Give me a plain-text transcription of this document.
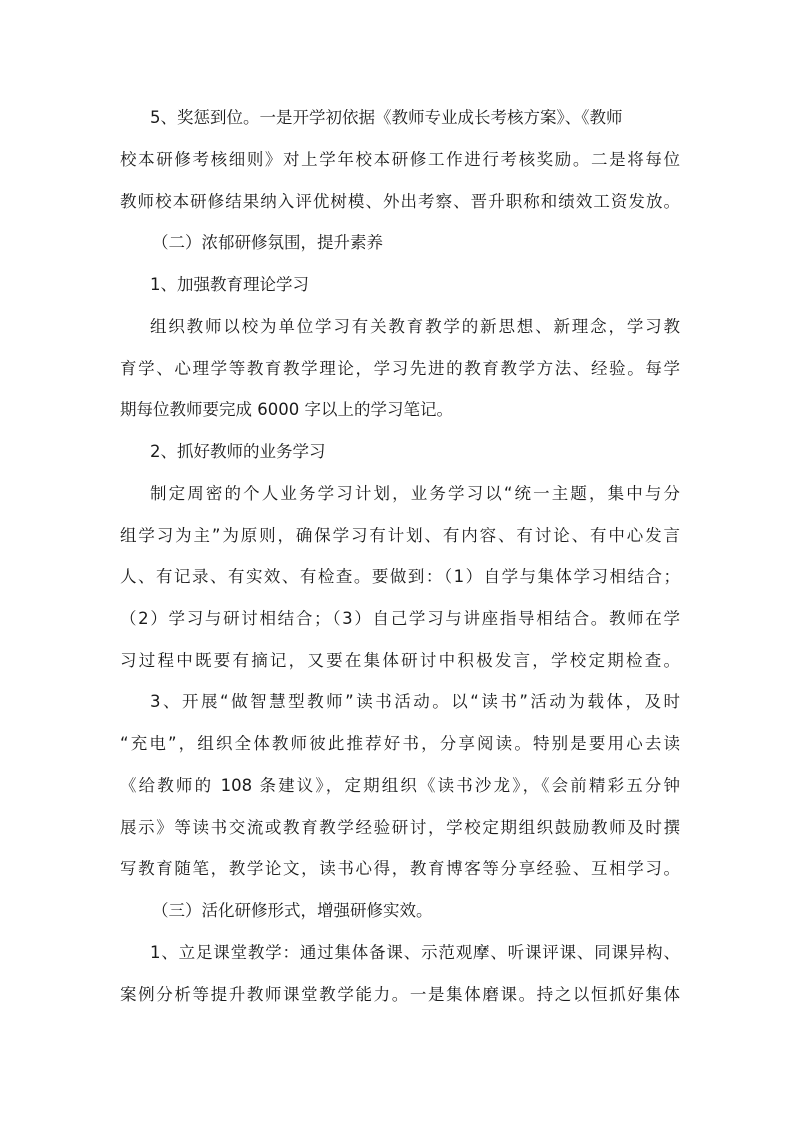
5、奖惩到位。一是开学初依据《教师专业成长考核方案》、《教师
校本研修考核细则》对上学年校本研修工作进行考核奖励。二是将每位
教师校本研修结果纳入评优树模、外出考察、晋升职称和绩效工资发放。
（二）浓郁研修氛围，提升素养
1、加强教育理论学习
组织教师以校为单位学习有关教育教学的新思想、新理念，学习教
育学、心理学等教育教学理论，学习先进的教育教学方法、经验。每学
期每位教师要完成 6000 字以上的学习笔记。
2、抓好教师的业务学习
制定周密的个人业务学习计划，业务学习以“统一主题，集中与分
组学习为主”为原则，确保学习有计划、有内容、有讨论、有中心发言
人、有记录、有实效、有检查。要做到：（1）自学与集体学习相结合；
（2）学习与研讨相结合；（3）自己学习与讲座指导相结合。教师在学
习过程中既要有摘记，又要在集体研讨中积极发言，学校定期检查。
3、开展“做智慧型教师”读书活动。以“读书”活动为载体，及时
“充电”，组织全体教师彼此推荐好书，分享阅读。特别是要用心去读
《给教师的 108 条建议》，定期组织《读书沙龙》，《会前精彩五分钟
展示》等读书交流或教育教学经验研讨，学校定期组织鼓励教师及时撰
写教育随笔，教学论文，读书心得，教育博客等分享经验、互相学习。
（三）活化研修形式，增强研修实效。
1、立足课堂教学：通过集体备课、示范观摩、听课评课、同课异构、
案例分析等提升教师课堂教学能力。一是集体磨课。持之以恒抓好集体
